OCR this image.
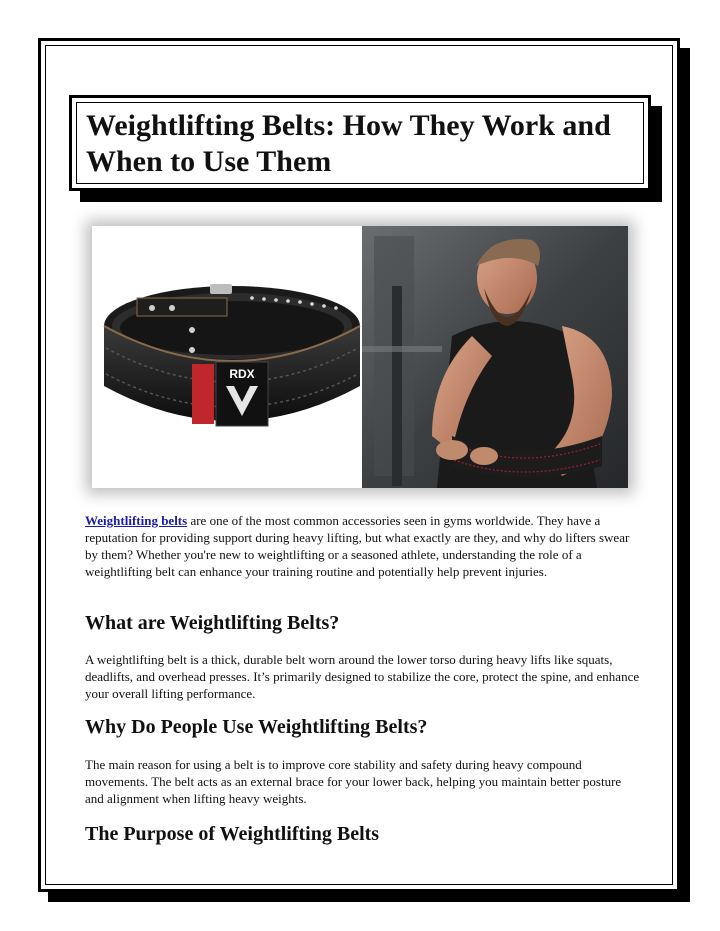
Weightlifting Belts: How They Work and When to Use Them
RDX

Weightlifting belts are one of the most common accessories seen in gyms worldwide. They have a reputation for providing support during heavy lifting, but what exactly are they, and why do lifters swear by them? Whether you're new to weightlifting or a seasoned athlete, understanding the role of a weightlifting belt can enhance your training routine and potentially help prevent injuries.

What are Weightlifting Belts?

A weightlifting belt is a thick, durable belt worn around the lower torso during heavy lifts like squats, deadlifts, and overhead presses. It’s primarily designed to stabilize the core, protect the spine, and enhance your overall lifting performance.

Why Do People Use Weightlifting Belts?

The main reason for using a belt is to improve core stability and safety during heavy compound movements. The belt acts as an external brace for your lower back, helping you maintain better posture and alignment when lifting heavy weights.

The Purpose of Weightlifting Belts
